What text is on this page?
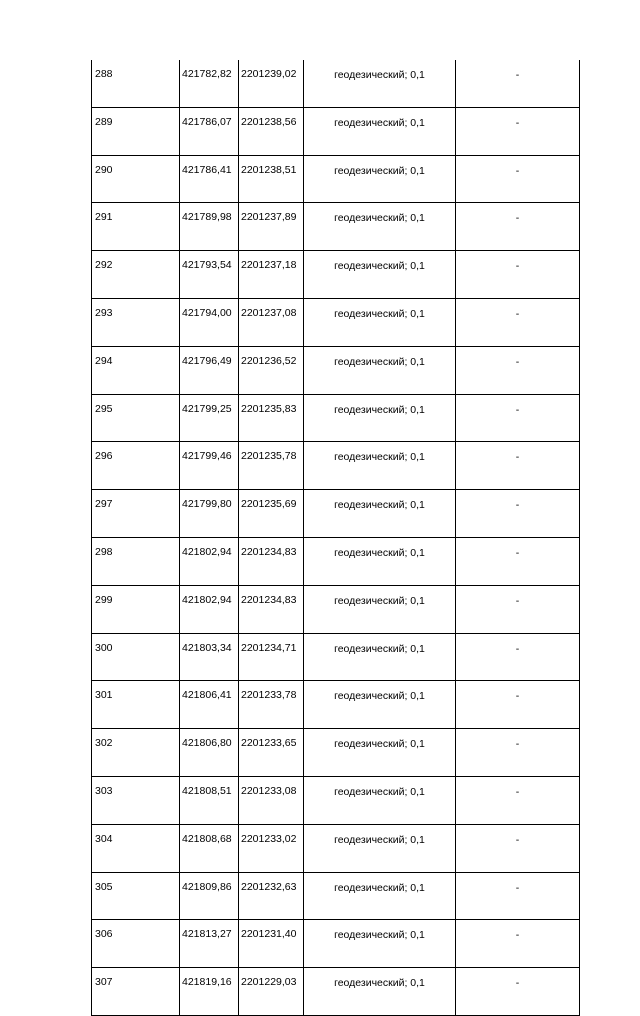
288	421782,82	2201239,02	геодезический; 0,1	-
289	421786,07	2201238,56	геодезический; 0,1	-
290	421786,41	2201238,51	геодезический; 0,1	-
291	421789,98	2201237,89	геодезический; 0,1	-
292	421793,54	2201237,18	геодезический; 0,1	-
293	421794,00	2201237,08	геодезический; 0,1	-
294	421796,49	2201236,52	геодезический; 0,1	-
295	421799,25	2201235,83	геодезический; 0,1	-
296	421799,46	2201235,78	геодезический; 0,1	-
297	421799,80	2201235,69	геодезический; 0,1	-
298	421802,94	2201234,83	геодезический; 0,1	-
299	421802,94	2201234,83	геодезический; 0,1	-
300	421803,34	2201234,71	геодезический; 0,1	-
301	421806,41	2201233,78	геодезический; 0,1	-
302	421806,80	2201233,65	геодезический; 0,1	-
303	421808,51	2201233,08	геодезический; 0,1	-
304	421808,68	2201233,02	геодезический; 0,1	-
305	421809,86	2201232,63	геодезический; 0,1	-
306	421813,27	2201231,40	геодезический; 0,1	-
307	421819,16	2201229,03	геодезический; 0,1	-
